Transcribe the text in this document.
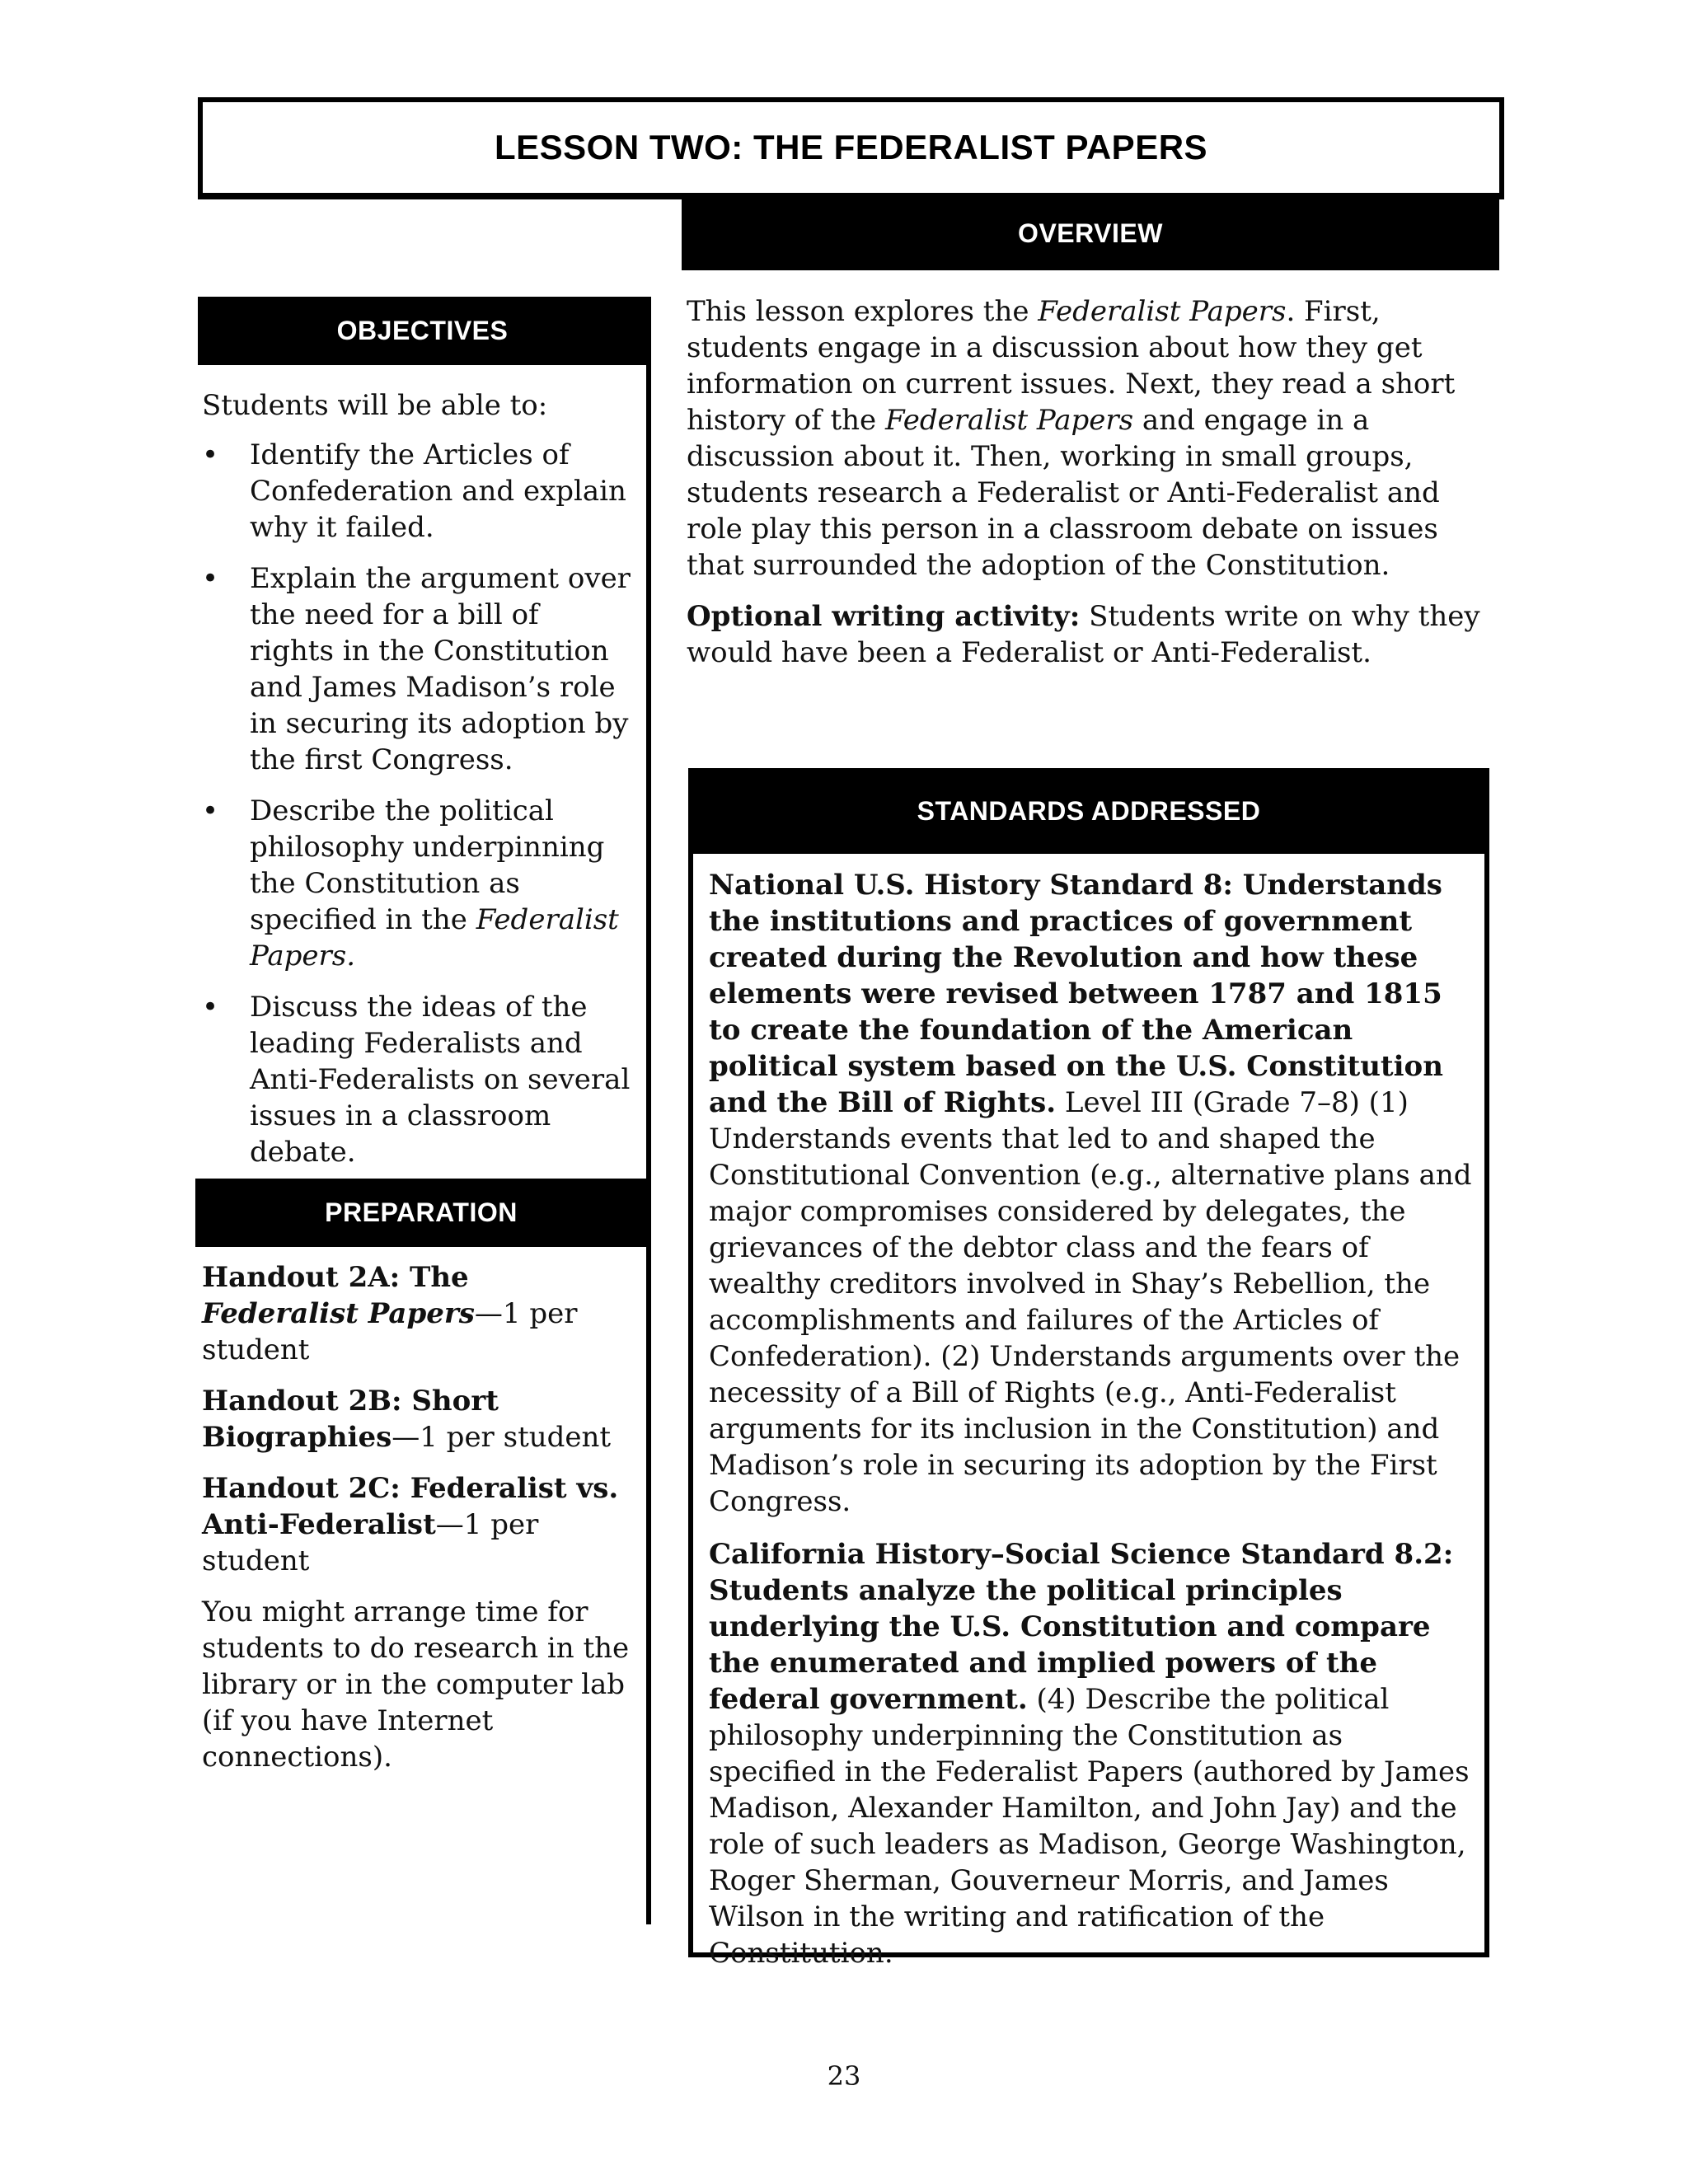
LESSON TWO: THE FEDERALIST PAPERS
OVERVIEW

This lesson explores the Federalist Papers. First, students engage in a discussion about how they get information on current issues. Next, they read a short history of the Federalist Papers and engage in a discussion about it. Then, working in small groups, students research a Federalist or Anti-Federalist and role play this person in a classroom debate on issues that surrounded the adoption of the Constitution.

Optional writing activity: Students write on why they would have been a Federalist or Anti-Federalist.

OBJECTIVES
Students will be able to:
• Identify the Articles of Confederation and explain why it failed.
• Explain the argument over the need for a bill of rights in the Constitution and James Madison’s role in securing its adoption by the first Congress.
• Describe the political philosophy underpinning the Constitution as specified in the Federalist Papers.
• Discuss the ideas of the leading Federalists and Anti-Federalists on several issues in a classroom debate.
PREPARATION

Handout 2A: The Federalist Papers—1 per student

Handout 2B: Short Biographies—1 per student

Handout 2C: Federalist vs. Anti-Federalist—1 per student

You might arrange time for students to do research in the library or in the computer lab (if you have Internet connections).

STANDARDS ADDRESSED

National U.S. History Standard 8: Understands the institutions and practices of government created during the Revolution and how these elements were revised between 1787 and 1815 to create the foundation of the American political system based on the U.S. Constitution and the Bill of Rights. Level III (Grade 7–8) (1) Understands events that led to and shaped the Constitutional Convention (e.g., alternative plans and major compromises considered by delegates, the grievances of the debtor class and the fears of wealthy creditors involved in Shay’s Rebellion, the accomplishments and failures of the Articles of Confederation). (2) Understands arguments over the necessity of a Bill of Rights (e.g., Anti-Federalist arguments for its inclusion in the Constitution) and Madison’s role in securing its adoption by the First Congress.

California History–Social Science Standard 8.2: Students analyze the political principles underlying the U.S. Constitution and compare the enumerated and implied powers of the federal government. (4) Describe the political philosophy underpinning the Constitution as specified in the Federalist Papers (authored by James Madison, Alexander Hamilton, and John Jay) and the role of such leaders as Madison, George Washington, Roger Sherman, Gouverneur Morris, and James Wilson in the writing and ratification of the Constitution.

23
